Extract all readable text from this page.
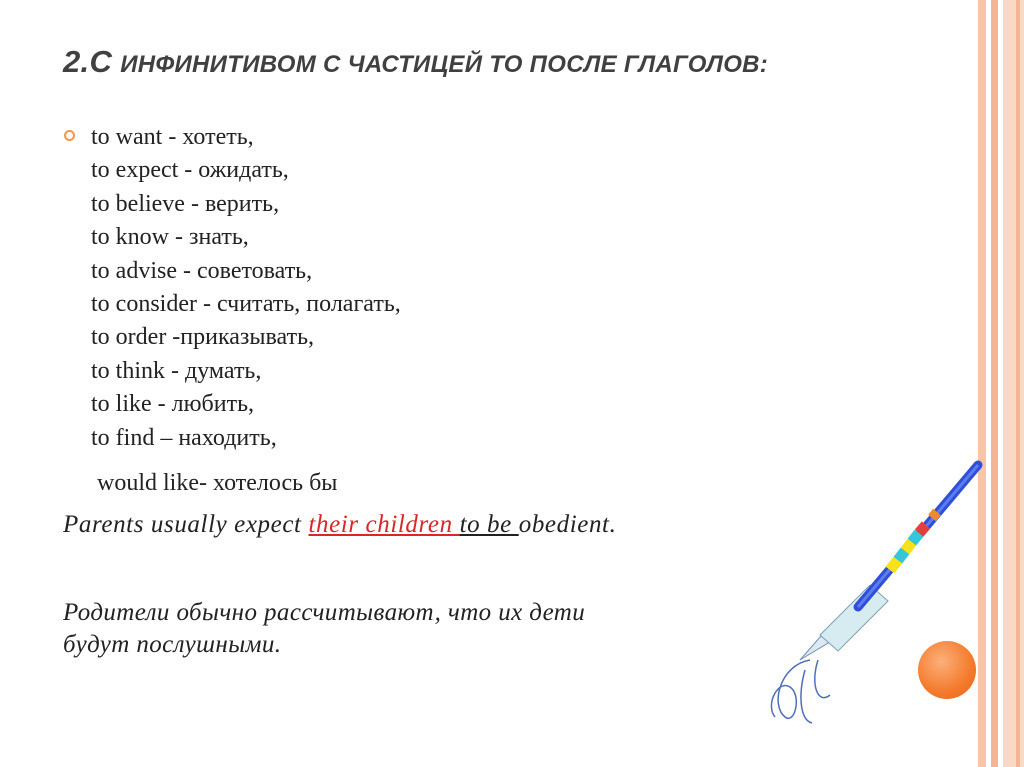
2.С ИНФИНИТИВОМ С ЧАСТИЦЕЙ TO ПОСЛЕ ГЛАГОЛОВ:
to want - хотеть,
to expect - ожидать,
to believe - верить,
to know - знать,
to advise - советовать,
to consider - считать, полагать,
to order -приказывать,
to think - думать,
to like - любить,
to find – находить,
would like- хотелось бы
Parents usually expect their children to be obedient.
Родители обычно рассчитывают, что их дети
будут послушными.
